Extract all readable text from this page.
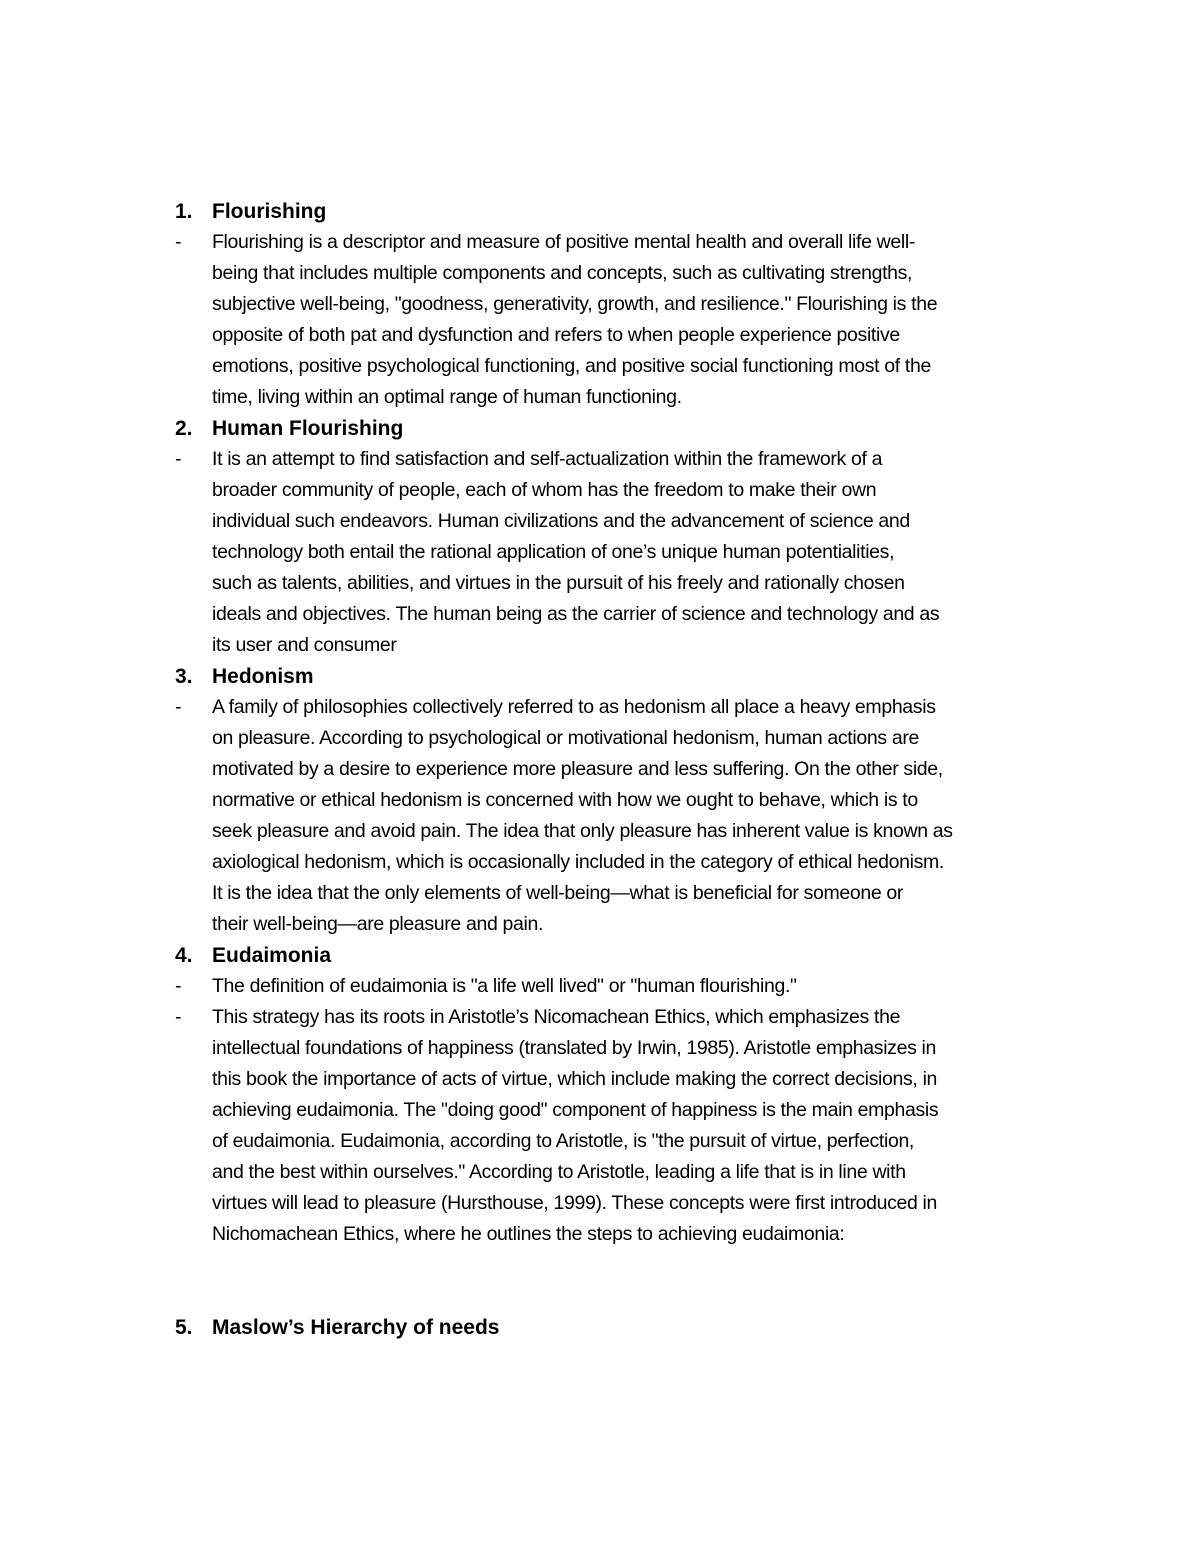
1. Flourishing
-	Flourishing is a descriptor and measure of positive mental health and overall life well-
being that includes multiple components and concepts, such as cultivating strengths,
subjective well-being, "goodness, generativity, growth, and resilience." Flourishing is the
opposite of both pat and dysfunction and refers to when people experience positive
emotions, positive psychological functioning, and positive social functioning most of the
time, living within an optimal range of human functioning.
2. Human Flourishing
-	It is an attempt to find satisfaction and self-actualization within the framework of a
broader community of people, each of whom has the freedom to make their own
individual such endeavors. Human civilizations and the advancement of science and
technology both entail the rational application of one’s unique human potentialities,
such as talents, abilities, and virtues in the pursuit of his freely and rationally chosen
ideals and objectives. The human being as the carrier of science and technology and as
its user and consumer
3. Hedonism
-	A family of philosophies collectively referred to as hedonism all place a heavy emphasis
on pleasure. According to psychological or motivational hedonism, human actions are
motivated by a desire to experience more pleasure and less suffering. On the other side,
normative or ethical hedonism is concerned with how we ought to behave, which is to
seek pleasure and avoid pain. The idea that only pleasure has inherent value is known as
axiological hedonism, which is occasionally included in the category of ethical hedonism.
It is the idea that the only elements of well-being—what is beneficial for someone or
their well-being—are pleasure and pain.
4. Eudaimonia
-	The definition of eudaimonia is "a life well lived" or "human flourishing."
-	This strategy has its roots in Aristotle’s Nicomachean Ethics, which emphasizes the
intellectual foundations of happiness (translated by Irwin, 1985). Aristotle emphasizes in
this book the importance of acts of virtue, which include making the correct decisions, in
achieving eudaimonia. The "doing good" component of happiness is the main emphasis
of eudaimonia. Eudaimonia, according to Aristotle, is "the pursuit of virtue, perfection,
and the best within ourselves." According to Aristotle, leading a life that is in line with
virtues will lead to pleasure (Hursthouse, 1999). These concepts were first introduced in
Nichomachean Ethics, where he outlines the steps to achieving eudaimonia:
5. Maslow’s Hierarchy of needs
